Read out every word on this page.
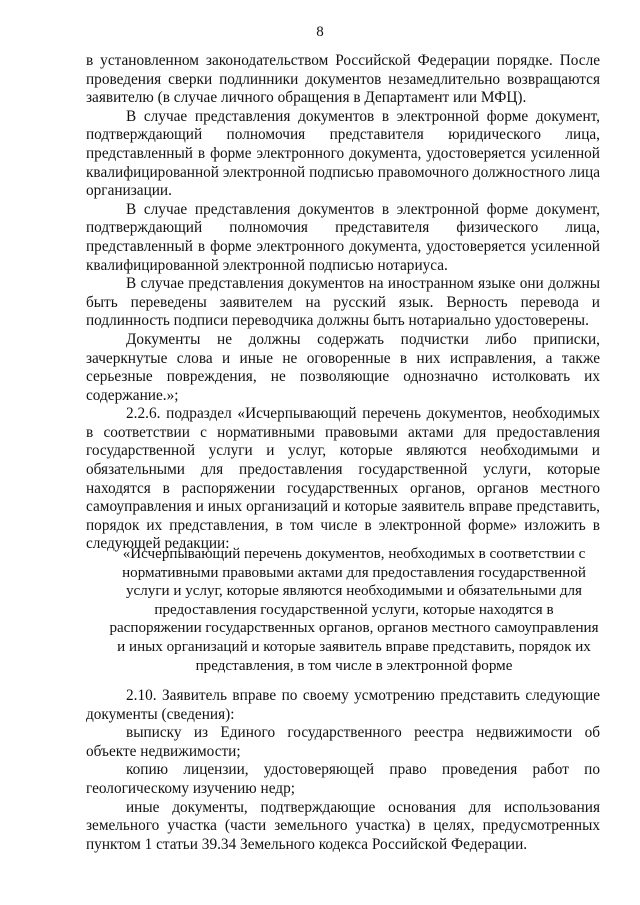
8

в установленном законодательством Российской Федерации порядке. После проведения сверки подлинники документов незамедлительно возвращаются заявителю (в случае личного обращения в Департамент или МФЦ).

В случае представления документов в электронной форме документ, подтверждающий полномочия представителя юридического лица, представленный в форме электронного документа, удостоверяется усиленной квалифицированной электронной подписью правомочного должностного лица организации.

В случае представления документов в электронной форме документ, подтверждающий полномочия представителя физического лица, представленный в форме электронного документа, удостоверяется усиленной квалифицированной электронной подписью нотариуса.

В случае представления документов на иностранном языке они должны быть переведены заявителем на русский язык. Верность перевода и подлинность подписи переводчика должны быть нотариально удостоверены.

Документы не должны содержать подчистки либо приписки, зачеркнутые слова и иные не оговоренные в них исправления, а также серьезные повреждения, не позволяющие однозначно истолковать их содержание.»;

2.2.6. подраздел «Исчерпывающий перечень документов, необходимых в соответствии с нормативными правовыми актами для предоставления государственной услуги и услуг, которые являются необходимыми и обязательными для предоставления государственной услуги, которые находятся в распоряжении государственных органов, органов местного самоуправления и иных организаций и которые заявитель вправе представить, порядок их представления, в том числе в электронной форме» изложить в следующей редакции:

«Исчерпывающий перечень документов, необходимых в соответствии с нормативными правовыми актами для предоставления государственной услуги и услуг, которые являются необходимыми и обязательными для предоставления государственной услуги, которые находятся в распоряжении государственных органов, органов местного самоуправления и иных организаций и которые заявитель вправе представить, порядок их представления, в том числе в электронной форме

2.10. Заявитель вправе по своему усмотрению представить следующие документы (сведения):

выписку из Единого государственного реестра недвижимости об объекте недвижимости;

копию лицензии, удостоверяющей право проведения работ по геологическому изучению недр;

иные документы, подтверждающие основания для использования земельного участка (части земельного участка) в целях, предусмотренных пунктом 1 статьи 39.34 Земельного кодекса Российской Федерации.
